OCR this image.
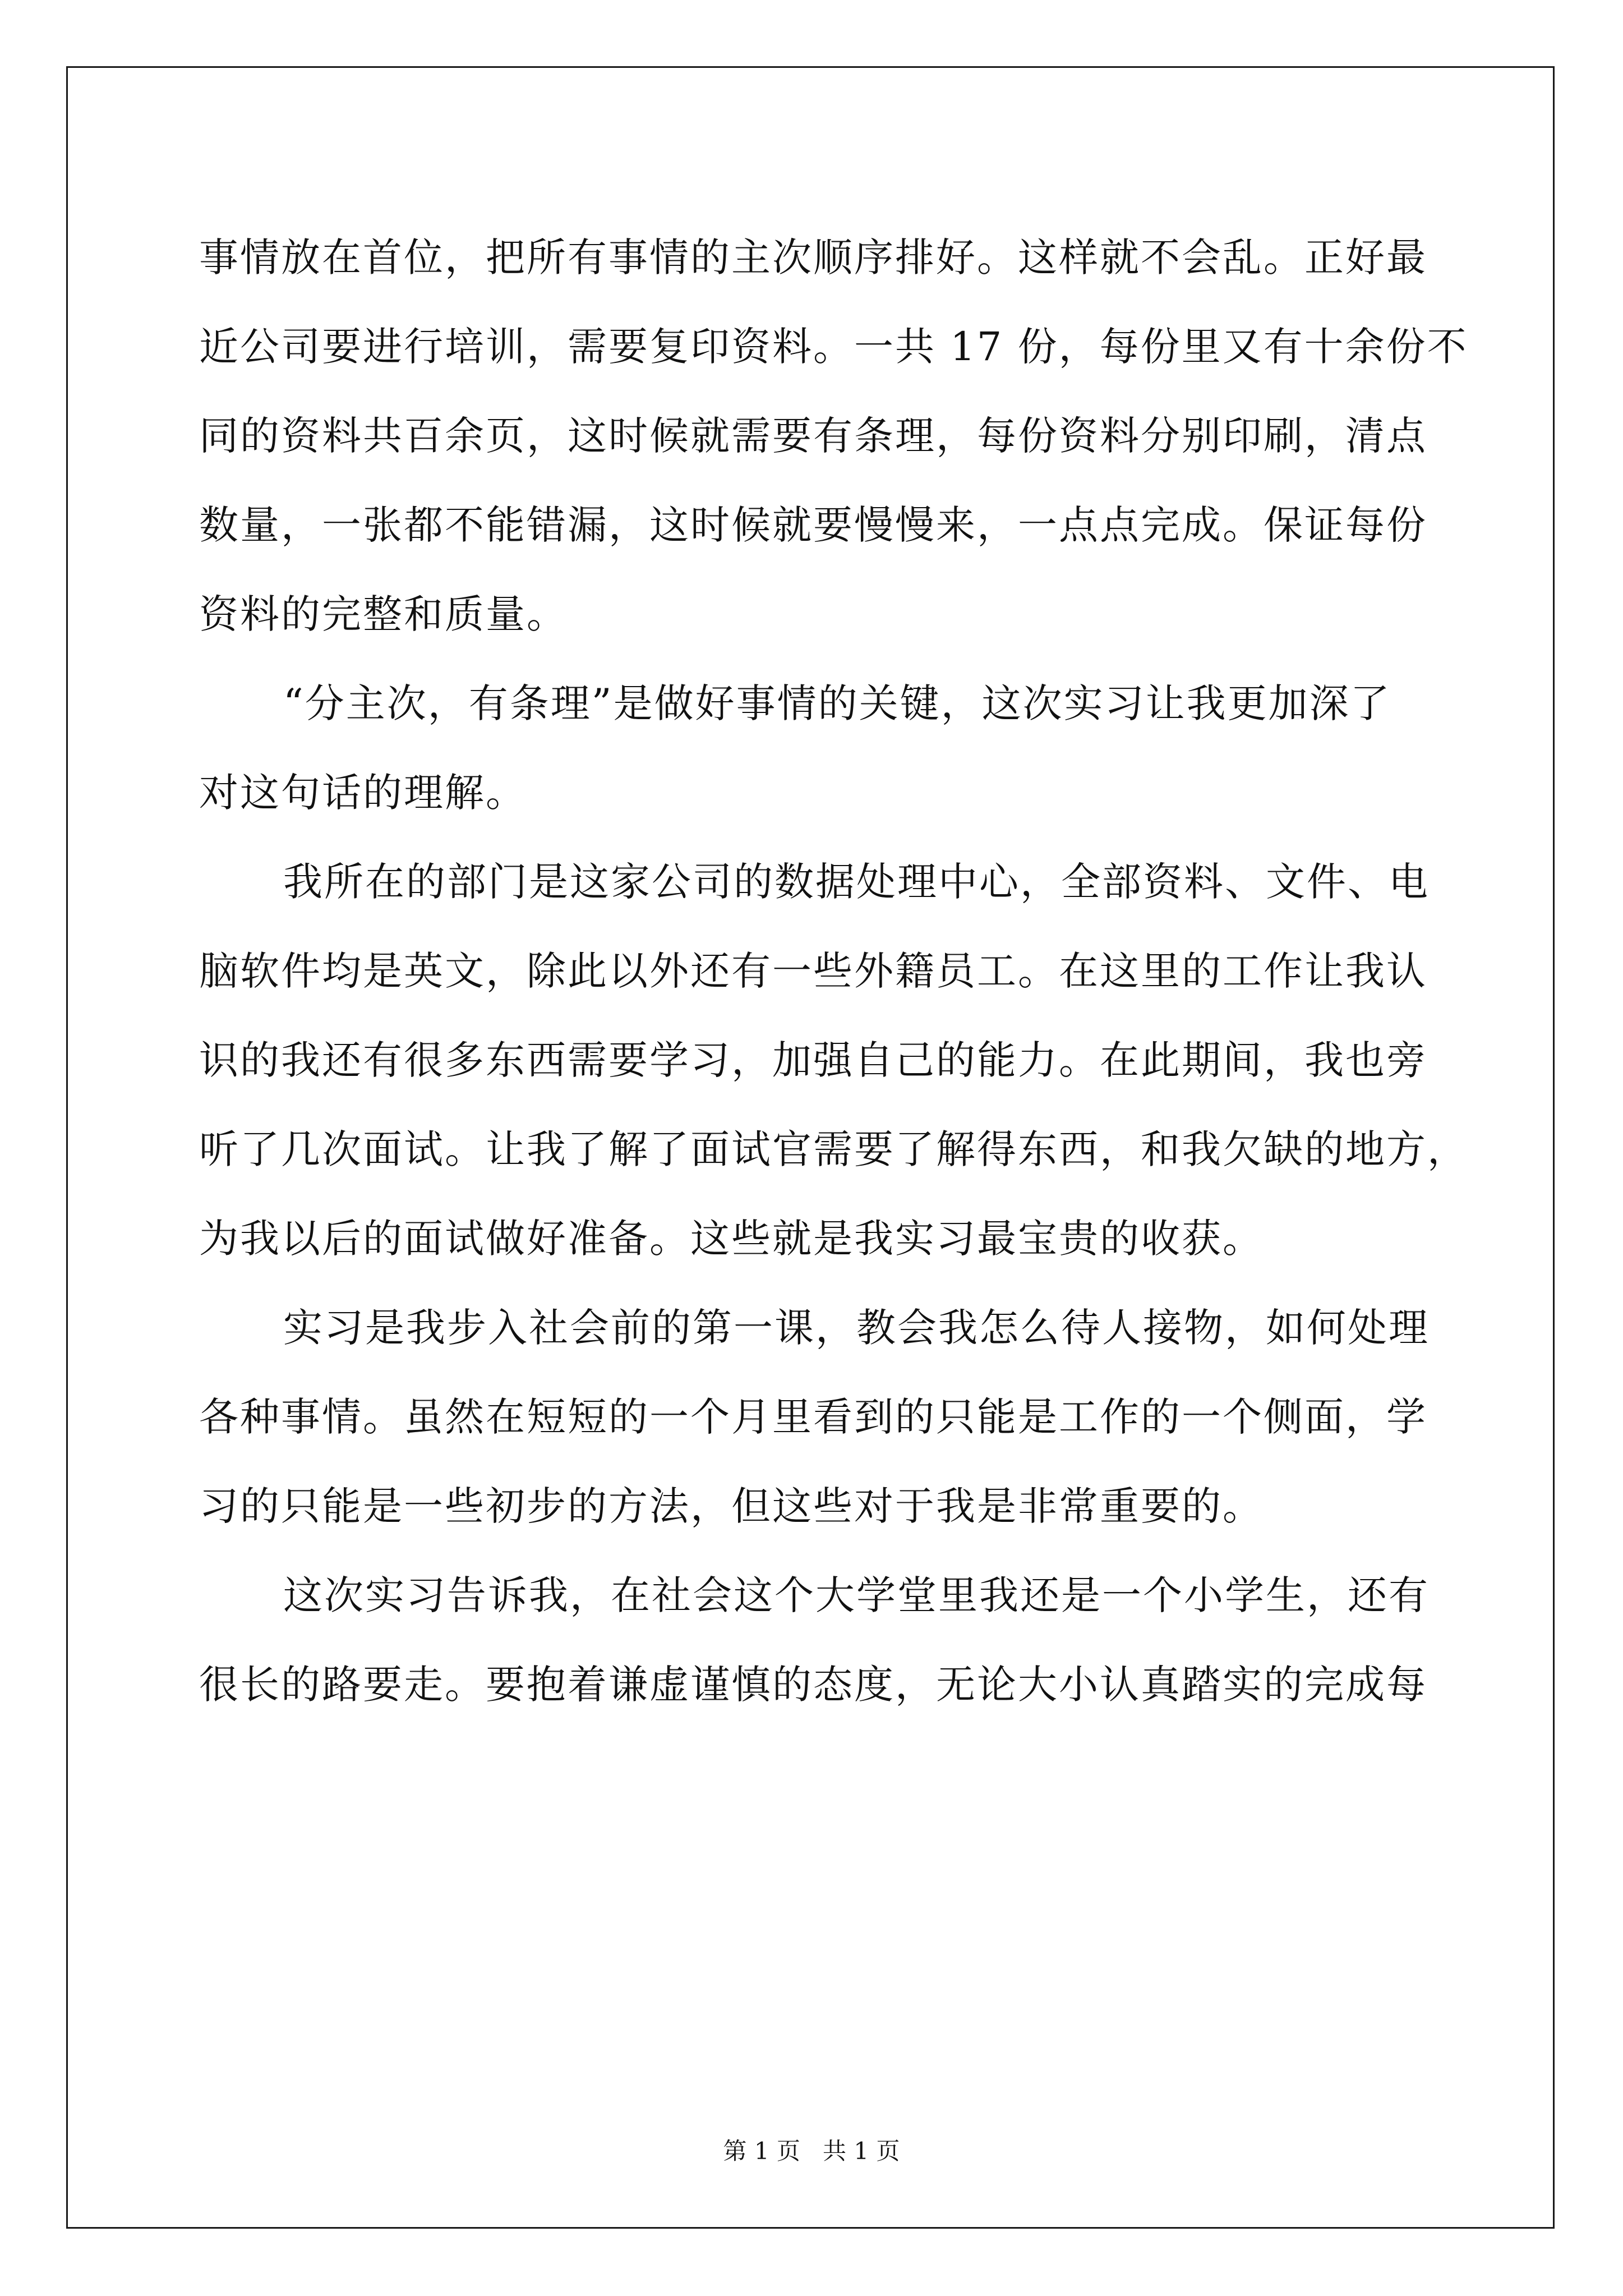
事情放在首位，把所有事情的主次顺序排好。这样就不会乱。正好最
近公司要进行培训，需要复印资料。一共 17 份，每份里又有十余份不
同的资料共百余页，这时候就需要有条理，每份资料分别印刷，清点
数量，一张都不能错漏，这时候就要慢慢来，一点点完成。保证每份
资料的完整和质量。
“分主次，有条理”是做好事情的关键，这次实习让我更加深了
对这句话的理解。
我所在的部门是这家公司的数据处理中心，全部资料、文件、电
脑软件均是英文，除此以外还有一些外籍员工。在这里的工作让我认
识的我还有很多东西需要学习，加强自己的能力。在此期间，我也旁
听了几次面试。让我了解了面试官需要了解得东西，和我欠缺的地方，
为我以后的面试做好准备。这些就是我实习最宝贵的收获。
实习是我步入社会前的第一课，教会我怎么待人接物，如何处理
各种事情。虽然在短短的一个月里看到的只能是工作的一个侧面，学
习的只能是一些初步的方法，但这些对于我是非常重要的。
这次实习告诉我，在社会这个大学堂里我还是一个小学生，还有
很长的路要走。要抱着谦虚谨慎的态度，无论大小认真踏实的完成每
第 1 页   共 1 页
